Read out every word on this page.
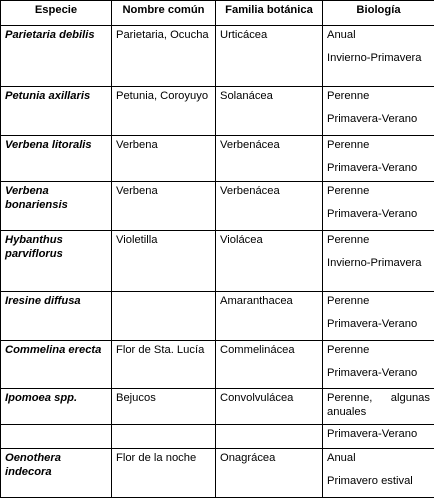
Especie	Nombre común	Familia botánica	Biología
Parietaria debilis	Parietaria, Ocucha	Urticácea	Anual
Invierno-Primavera

Petunia axillaris	Petunia, Coroyuyo	Solanácea	Perenne
Primavera-Verano

Verbena litoralis	Verbena	Verbenácea	Perenne
Primavera-Verano

Verbena bonariensis	Verbena	Verbenácea	Perenne
Primavera-Verano

Hybanthus parviflorus	Violetilla	Violácea	Perenne
Invierno-Primavera

Iresine diffusa		Amaranthacea	Perenne
Primavera-Verano

Commelina erecta	Flor de Sta. Lucía	Commelinácea	Perenne
Primavera-Verano

Ipomoea spp.	Bejucos	Convolvulácea	Perenne, algunas
anuales

			Primavera-Verano
Oenothera indecora	Flor de la noche	Onagrácea	Anual
Primavero estival
